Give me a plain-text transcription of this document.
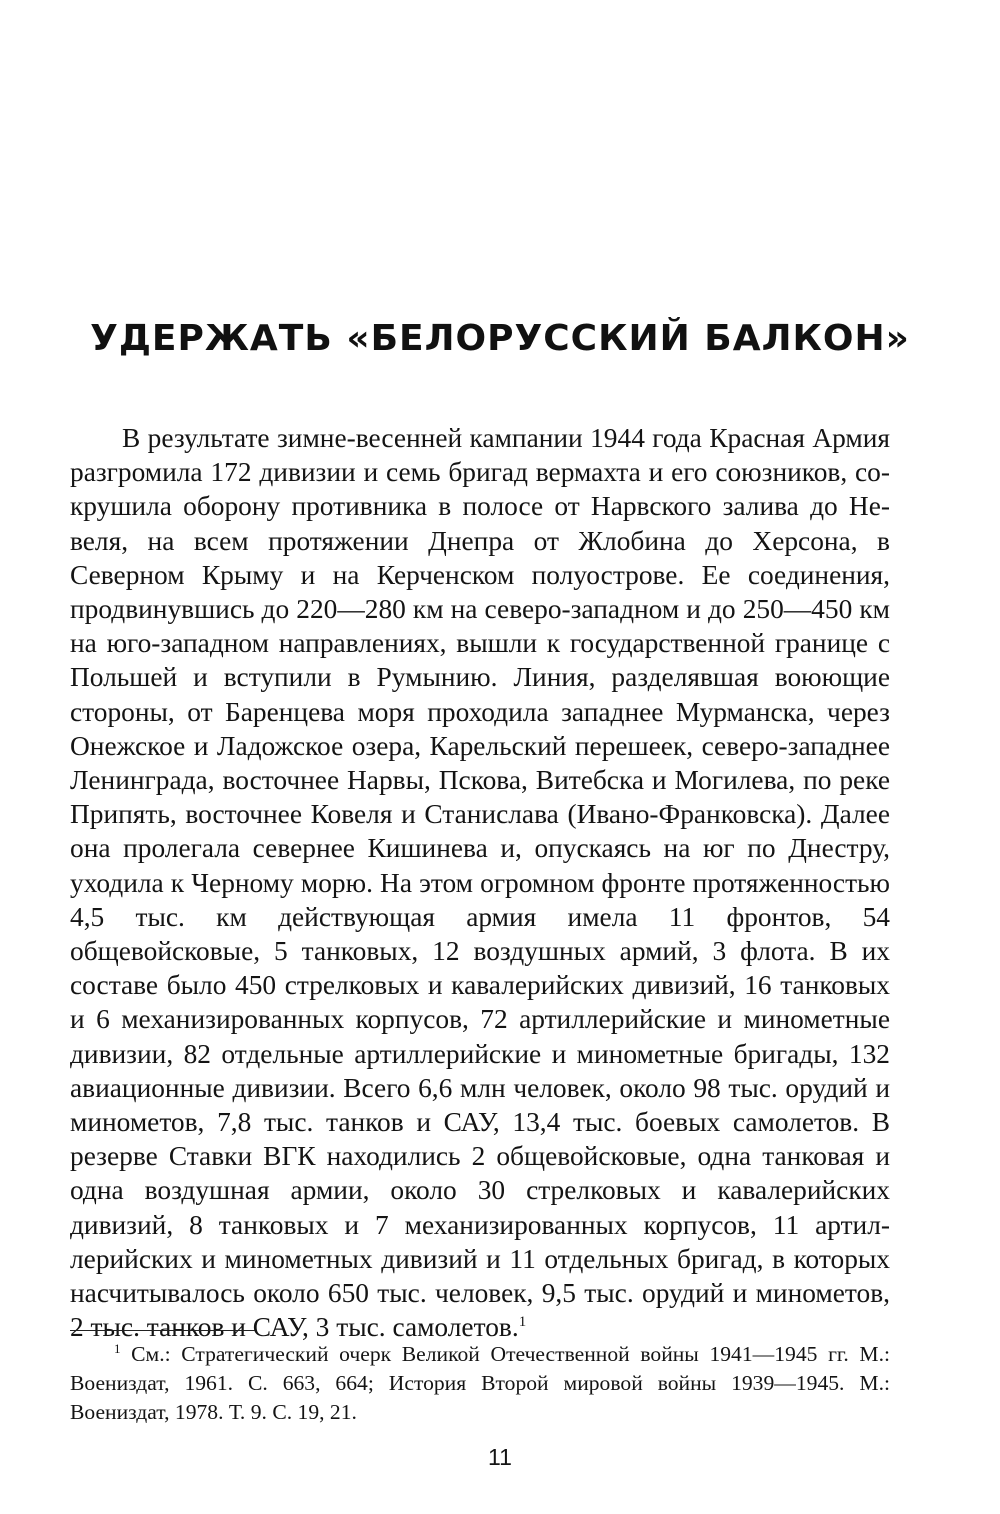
УДЕРЖАТЬ «БЕЛОРУССКИЙ БАЛКОН»

В результате зимне-весенней кампании 1944 года Красная Армия разгромила 172 дивизии и семь бригад вермахта и его союзников, сокрушила оборону противника в полосе от Нарвского залива до Невеля, на всем протяжении Днепра от Жлобина до Херсона, в Северном Крыму и на Керченском полуострове. Ее соединения, продвинувшись до 220—280 км на северо-западном и до 250—450 км на юго-западном направлениях, вышли к государственной границе с Польшей и вступили в Румынию. Линия, разделявшая воюющие стороны, от Баренцева моря проходила западнее Мурманска, через Онежское и Ладожское озера, Карельский перешеек, северо-западнее Ленинграда, восточнее Нарвы, Пскова, Витебска и Могилева, по реке Припять, восточнее Ковеля и Станислава (Ивано-Франковска). Далее она пролегала севернее Кишинева и, опускаясь на юг по Днестру, уходила к Черному морю. На этом огромном фронте протяженностью 4,5 тыс. км действующая армия имела 11 фронтов, 54 общевойсковые, 5 танковых, 12 воздушных армий, 3 флота. В их составе было 450 стрелковых и кавалерийских дивизий, 16 танковых и 6 механизированных корпусов, 72 артиллерийские и минометные дивизии, 82 отдельные артиллерийские и минометные бригады, 132 авиационные дивизии. Всего 6,6 млн человек, около 98 тыс. орудий и минометов, 7,8 тыс. танков и САУ, 13,4 тыс. боевых самолетов. В резерве Ставки ВГК находились 2 общевойсковые, одна танковая и одна воздушная армии, около 30 стрелковых и кавалерийских дивизий, 8 танковых и 7 механизированных корпусов, 11 артиллерийских и минометных дивизий и 11 отдельных бригад, в которых насчитывалось около 650 тыс. человек, 9,5 тыс. орудий и минометов, 2 тыс. танков и САУ, 3 тыс. самолетов.$^1$

$^1$ См.: Стратегический очерк Великой Отечественной войны 1941—1945 гг. М.: Воениздат, 1961. С. 663, 664; История Второй мировой войны 1939—1945. М.: Воениздат, 1978. Т. 9. С. 19, 21.

11
